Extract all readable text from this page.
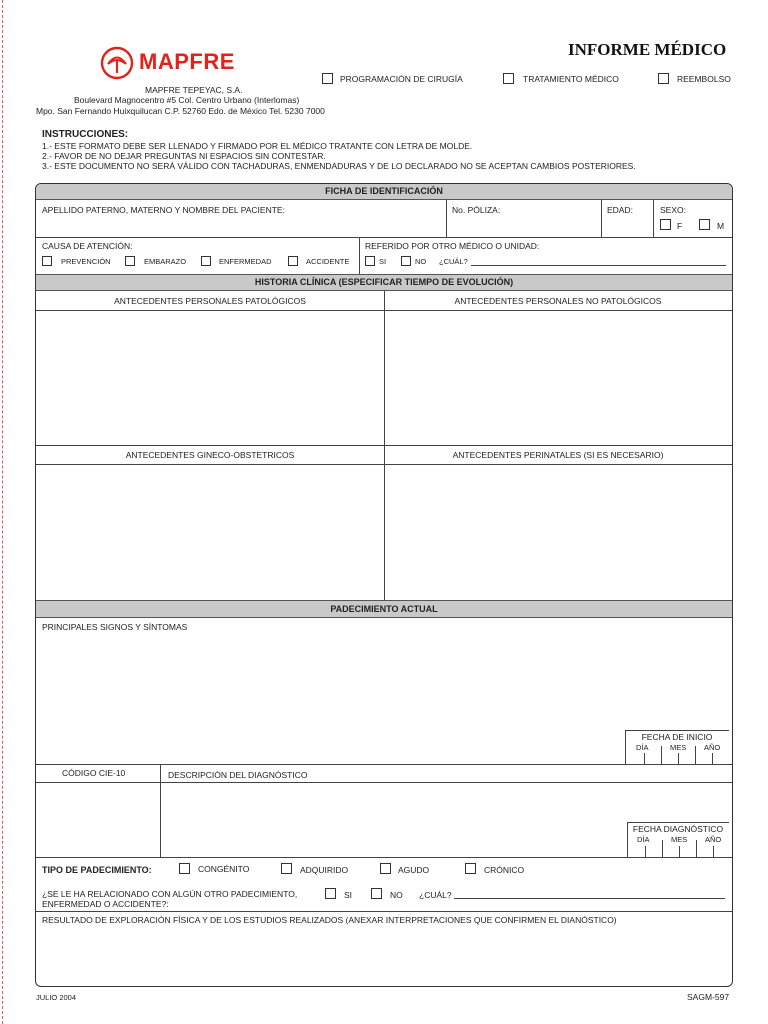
MAPFRE	INFORME MÉDICO
PROGRAMACIÓN DE CIRUGÍA	TRATAMIENTO MÉDICO	REEMBOLSO
MAPFRE TEPEYAC, S.A.
Boulevard Magnocentro #5 Col. Centro Urbano (Interlomas)
Mpo. San Fernando Huixquilucan C.P. 52760 Edo. de México Tel. 5230 7000
INSTRUCCIONES:
1.- ESTE FORMATO DEBE SER LLENADO Y FIRMADO POR EL MÉDICO TRATANTE CON LETRA DE MOLDE.
2.- FAVOR DE NO DEJAR PREGUNTAS NI ESPACIOS SIN CONTESTAR.
3.- ESTE DOCUMENTO NO SERÁ VÁLIDO CON TACHADURAS, ENMENDADURAS Y DE LO DECLARADO NO SE ACEPTAN CAMBIOS POSTERIORES.
FICHA DE IDENTIFICACIÓN
APELLIDO PATERNO, MATERNO Y NOMBRE DEL PACIENTE:	No. PÓLIZA:	EDAD:	SEXO:
F	M
CAUSA DE ATENCIÓN:
PREVENCIÓN	EMBARAZO	ENFERMEDAD	ACCIDENTE
REFERIDO POR OTRO MÉDICO O UNIDAD:
SI	NO ¿CUÁL?
HISTORIA CLÍNICA (ESPECIFICAR TIEMPO DE EVOLUCIÓN)
ANTECEDENTES PERSONALES PATOLÓGICOS	ANTECEDENTES PERSONALES NO PATOLÓGICOS
ANTECEDENTES GINECO-OBSTETRICOS	ANTECEDENTES PERINATALES (SI ES NECESARIO)
PADECIMIENTO ACTUAL
PRINCIPALES SIGNOS Y SÍNTOMAS
FECHA DE INICIO
DÍA	MES AÑO
CÓDIGO CIE-10	DESCRIPCIÓN DEL DIAGNÓSTICO
FECHA DIAGNÓSTICO
DÍA	MES AÑO
TIPO DE PADECIMIENTO:	CONGÉNITO	ADQUIRIDO	AGUDO	CRÓNICO
¿SE LE HA RELACIONADO CON ALGÚN OTRO PADECIMIENTO,
ENFERMEDAD O ACCIDENTE?:
SI	NO ¿CUÁL?
RESULTADO DE EXPLORACIÓN FÍSICA Y DE LOS ESTUDIOS REALIZADOS (ANEXAR INTERPRETACIONES QUE CONFIRMEN EL DIANÓSTICO)
JULIO 2004	SAGM-597
